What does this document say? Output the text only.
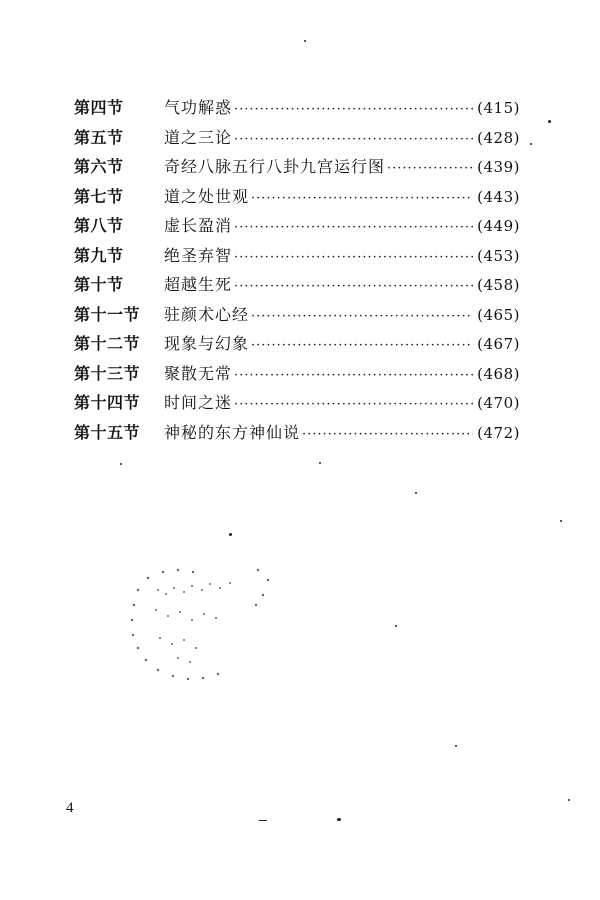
第四节	气功解惑 ·····	(415)
第五节	道之三论 ·····	(428)
第六节	奇经八脉五行八卦九宫运行图 ·····	(439)
第七节	道之处世观 ·····	(443)
第八节	虚长盈消 ·····	(449)
第九节	绝圣弃智 ·····	(453)
第十节	超越生死 ·····	(458)
第十一节	驻颜术心经 ·····	(465)
第十二节	现象与幻象 ·····	(467)
第十三节	聚散无常 ·····	(468)
第十四节	时间之迷 ·····	(470)
第十五节	神秘的东方神仙说 ·····	(472)
4
